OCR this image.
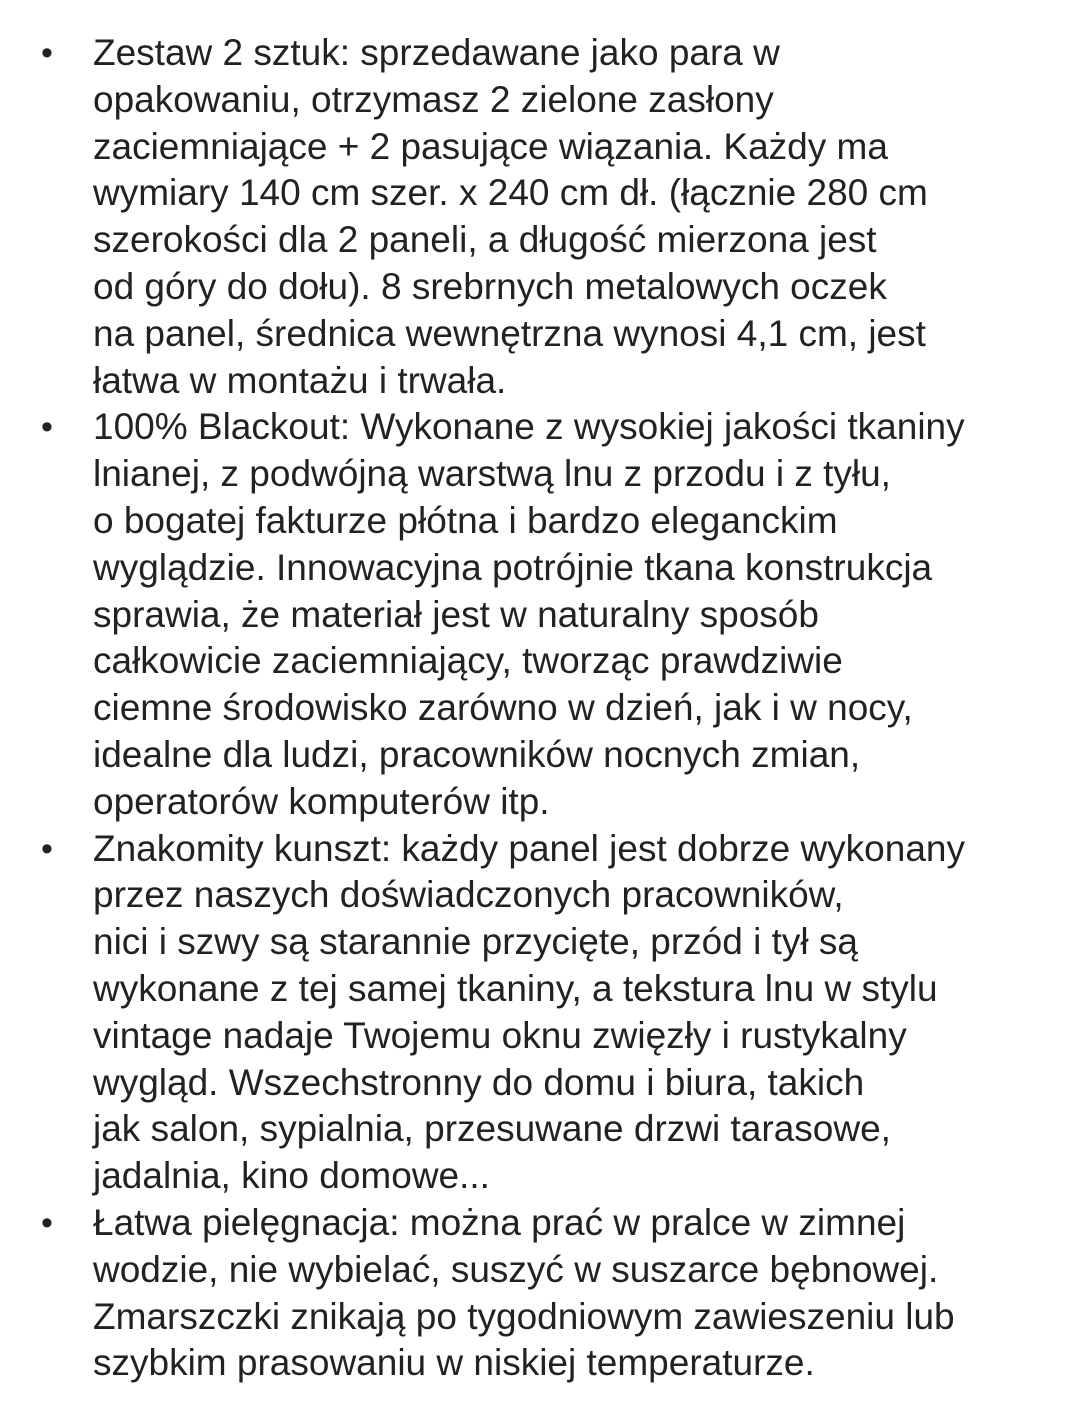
• Zestaw 2 sztuk: sprzedawane jako para w
opakowaniu, otrzymasz 2 zielone zasłony
zaciemniające + 2 pasujące wiązania. Każdy ma
wymiary 140 cm szer. x 240 cm dł. (łącznie 280 cm
szerokości dla 2 paneli, a długość mierzona jest
od góry do dołu). 8 srebrnych metalowych oczek
na panel, średnica wewnętrzna wynosi 4,1 cm, jest
łatwa w montażu i trwała.
• 100% Blackout: Wykonane z wysokiej jakości tkaniny
lnianej, z podwójną warstwą lnu z przodu i z tyłu,
o bogatej fakturze płótna i bardzo eleganckim
wyglądzie. Innowacyjna potrójnie tkana konstrukcja
sprawia, że materiał jest w naturalny sposób
całkowicie zaciemniający, tworząc prawdziwie
ciemne środowisko zarówno w dzień, jak i w nocy,
idealne dla ludzi, pracowników nocnych zmian,
operatorów komputerów itp.
• Znakomity kunszt: każdy panel jest dobrze wykonany
przez naszych doświadczonych pracowników,
nici i szwy są starannie przycięte, przód i tył są
wykonane z tej samej tkaniny, a tekstura lnu w stylu
vintage nadaje Twojemu oknu zwięzły i rustykalny
wygląd. Wszechstronny do domu i biura, takich
jak salon, sypialnia, przesuwane drzwi tarasowe,
jadalnia, kino domowe...
• Łatwa pielęgnacja: można prać w pralce w zimnej
wodzie, nie wybielać, suszyć w suszarce bębnowej.
Zmarszczki znikają po tygodniowym zawieszeniu lub
szybkim prasowaniu w niskiej temperaturze.
